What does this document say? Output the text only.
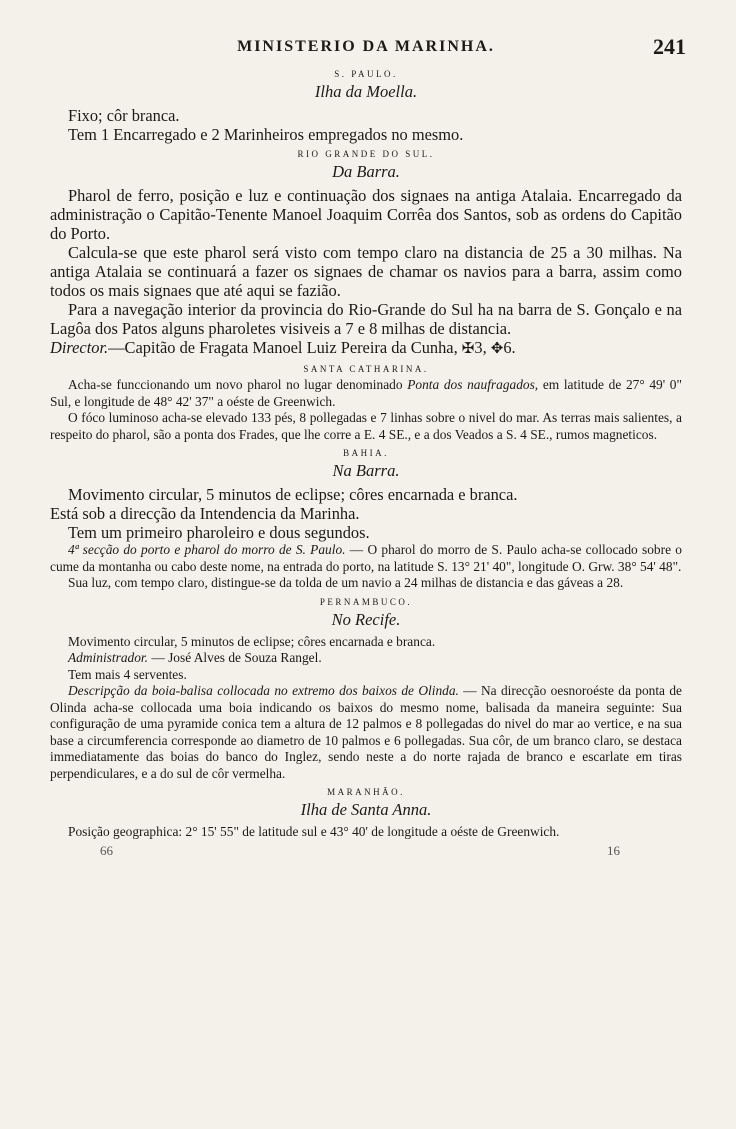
MINISTERIO DA MARINHA.	241
S. PAULO.
Ilha da Moella.

Fixo; côr branca.

Tem 1 Encarregado e 2 Marinheiros empregados no mesmo.

RIO GRANDE DO SUL.
Da Barra.

Pharol de ferro, posição e luz e continuação dos signaes na antiga Atalaia. Encarregado da administração o Capitão-Tenente Manoel Joaquim Corrêa dos Santos, sob as ordens do Capitão do Porto.

Calcula-se que este pharol será visto com tempo claro na distancia de 25 a 30 milhas. Na antiga Atalaia se continuará a fazer os signaes de chamar os navios para a barra, assim como todos os mais signaes que até aqui se fazião.

Para a navegação interior da provincia do Rio-Grande do Sul ha na barra de S. Gonçalo e na Lagôa dos Patos alguns pharoletes visiveis a 7 e 8 milhas de distancia.

Director.—Capitão de Fragata Manoel Luiz Pereira da Cunha, ✠3, ✥6.

SANTA CATHARINA.

Acha-se funccionando um novo pharol no lugar denominado Ponta dos naufragados, em latitude de 27° 49' 0" Sul, e longitude de 48° 42' 37" a oéste de Greenwich.

O fóco luminoso acha-se elevado 133 pés, 8 pollegadas e 7 linhas sobre o nivel do mar. As terras mais salientes, a respeito do pharol, são a ponta dos Frades, que lhe corre a E. 4 SE., e a dos Veados a S. 4 SE., rumos magneticos.

BAHIA.
Na Barra.

Movimento circular, 5 minutos de eclipse; côres encarnada e branca.

Está sob a direcção da Intendencia da Marinha.

Tem um primeiro pharoleiro e dous segundos.

4ª secção do porto e pharol do morro de S. Paulo. — O pharol do morro de S. Paulo acha-se collocado sobre o cume da montanha ou cabo deste nome, na entrada do porto, na latitude S. 13° 21' 40", longitude O. Grw. 38° 54' 48".

Sua luz, com tempo claro, distingue-se da tolda de um navio a 24 milhas de distancia e das gáveas a 28.

PERNAMBUCO.
No Recife.

Movimento circular, 5 minutos de eclipse; côres encarnada e branca.

Administrador. — José Alves de Souza Rangel.

Tem mais 4 serventes.

Descripção da boia-balisa collocada no extremo dos baixos de Olinda. — Na direcção oesnoroéste da ponta de Olinda acha-se collocada uma boia indicando os baixos do mesmo nome, balisada da maneira seguinte: Sua configuração de uma pyramide conica tem a altura de 12 palmos e 8 pollegadas do nivel do mar ao vertice, e na sua base a circumferencia corresponde ao diametro de 10 palmos e 6 pollegadas. Sua côr, de um branco claro, se destaca immediatamente das boias do banco do Inglez, sendo neste a do norte rajada de branco e escarlate em tiras perpendiculares, e a do sul de côr vermelha.

MARANHÃO.
Ilha de Santa Anna.

Posição geographica: 2° 15' 55" de latitude sul e 43° 40' de longitude a oéste de Greenwich.

66	16
